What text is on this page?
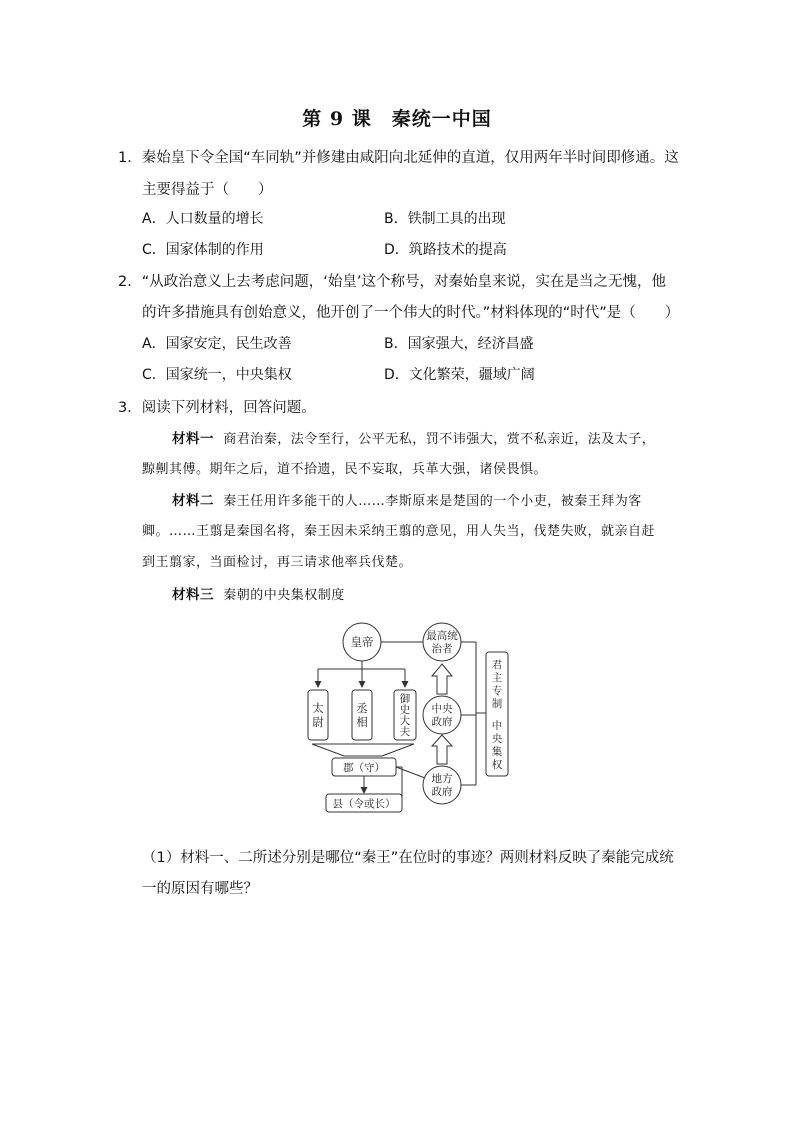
第 9 课　秦统一中国
1．秦始皇下令全国“车同轨”并修建由咸阳向北延伸的直道，仅用两年半时间即修通。这
主要得益于（　　）
A．人口数量的增长	B．铁制工具的出现
C．国家体制的作用	D．筑路技术的提高
2．“从政治意义上去考虑问题，‘始皇’这个称号，对秦始皇来说，实在是当之无愧，他
的许多措施具有创始意义，他开创了一个伟大的时代。”材料体现的“时代”是（　　）
A．国家安定，民生改善	B．国家强大，经济昌盛
C．国家统一，中央集权	D．文化繁荣，疆域广阔
3．阅读下列材料，回答问题。
材料一 商君治秦，法令至行，公平无私，罚不讳强大，赏不私亲近，法及太子，
黥劓其傅。期年之后，道不拾遗，民不妄取，兵革大强，诸侯畏惧。
材料二 秦王任用许多能干的人……李斯原来是楚国的一个小吏，被秦王拜为客
卿。……王翦是秦国名将，秦王因未采纳王翦的意见，用人失当，伐楚失败，就亲自赶
到王翦家，当面检讨，再三请求他率兵伐楚。
材料三 秦朝的中央集权制度
皇帝	最高统
治者
中央
政府
地方
政府
太
尉
丞
相
御
史
大
夫
郡（守）
县（令或长）
君
主
专
制
中
央
集
权
（1）材料一、二所述分别是哪位“秦王”在位时的事迹？两则材料反映了秦能完成统
一的原因有哪些？
